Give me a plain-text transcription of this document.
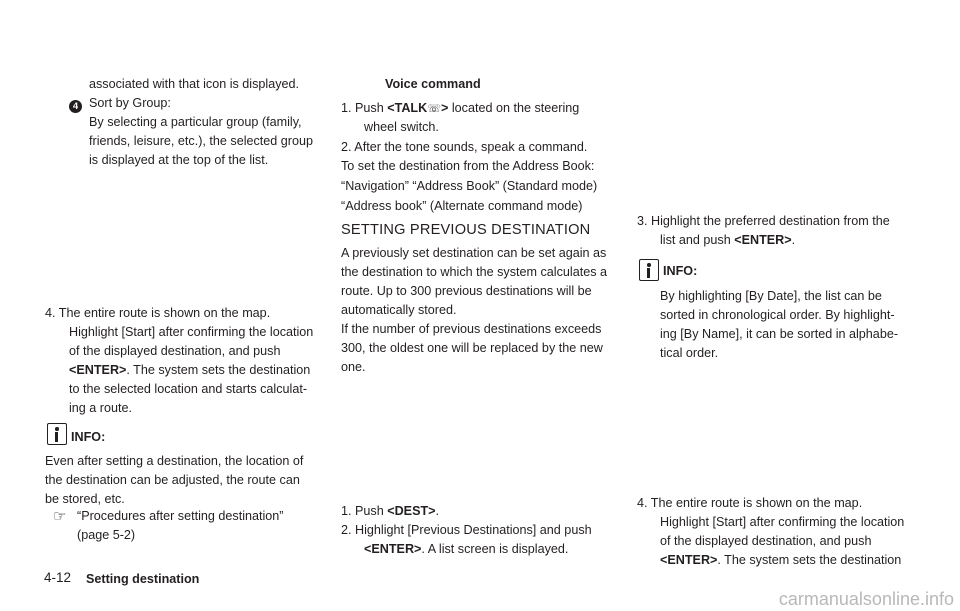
associated with that icon is displayed.
4 Sort by Group:
By selecting a particular group (family,
friends, leisure, etc.), the selected group
is displayed at the top of the list.
4. The entire route is shown on the map.
Highlight [Start] after confirming the location
of the displayed destination, and push
<ENTER>. The system sets the destination
to the selected location and starts calculat-
ing a route.
INFO:
Even after setting a destination, the location of
the destination can be adjusted, the route can
be stored, etc.
☞ “Procedures after setting destination”
(page 5-2)
Voice command
1. Push <TALK☏> located on the steering
wheel switch.
2. After the tone sounds, speak a command.
To set the destination from the Address Book:
“Navigation” “Address Book” (Standard mode)
“Address book” (Alternate command mode)
SETTING PREVIOUS DESTINATION
A previously set destination can be set again as
the destination to which the system calculates a
route. Up to 300 previous destinations will be
automatically stored.
If the number of previous destinations exceeds
300, the oldest one will be replaced by the new
one.
1. Push <DEST>.
2. Highlight [Previous Destinations] and push
<ENTER>. A list screen is displayed.
3. Highlight the preferred destination from the
list and push <ENTER>.
INFO:
By highlighting [By Date], the list can be
sorted in chronological order. By highlight-
ing [By Name], it can be sorted in alphabe-
tical order.
4. The entire route is shown on the map.
Highlight [Start] after confirming the location
of the displayed destination, and push
<ENTER>. The system sets the destination
4-12 Setting destination
carmanualsonline.info
